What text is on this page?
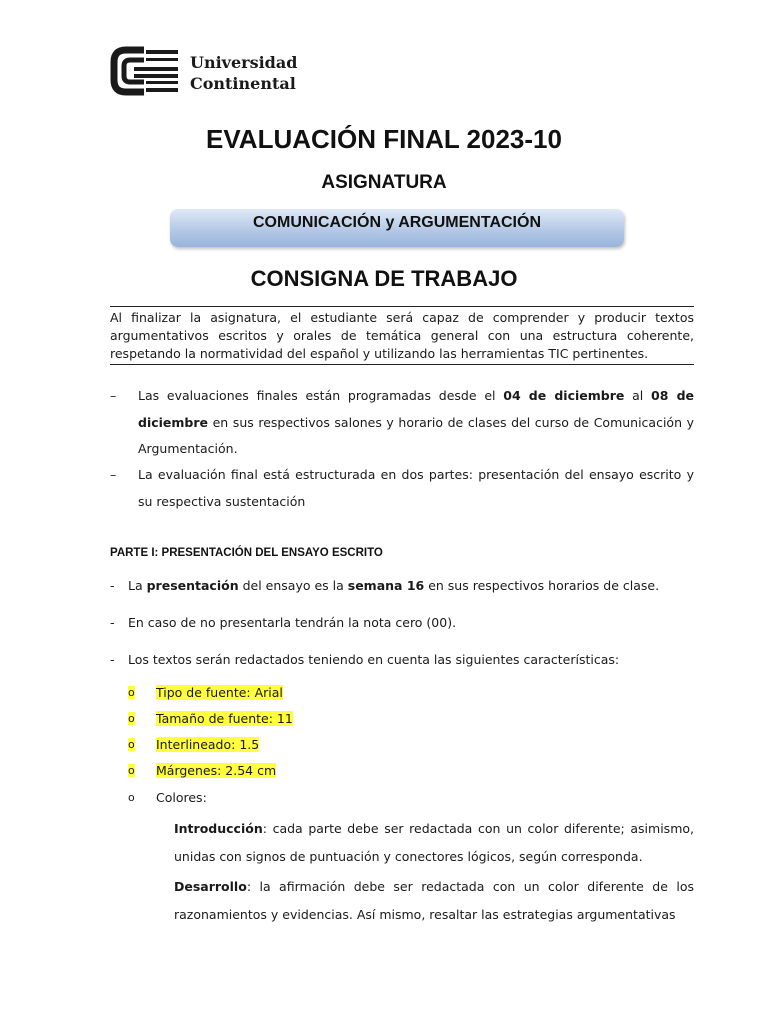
Universidad
Continental
EVALUACIÓN FINAL 2023-10
ASIGNATURA
COMUNICACIÓN y ARGUMENTACIÓN
CONSIGNA DE TRABAJO
Al finalizar la asignatura, el estudiante será capaz de comprender y producir textos argumentativos escritos y orales de temática general con una estructura coherente, respetando la normatividad del español y utilizando las herramientas TIC pertinentes.
– Las evaluaciones finales están programadas desde el 04 de diciembre al 08 de diciembre en sus respectivos salones y horario de clases del curso de Comunicación y Argumentación.
– La evaluación final está estructurada en dos partes: presentación del ensayo escrito y su respectiva sustentación
PARTE I: PRESENTACIÓN DEL ENSAYO ESCRITO
- La presentación del ensayo es la semana 16 en sus respectivos horarios de clase.
- En caso de no presentarla tendrán la nota cero (00).
- Los textos serán redactados teniendo en cuenta las siguientes características:
o Tipo de fuente: Arial
o Tamaño de fuente: 11
o Interlineado: 1.5
o Márgenes: 2.54 cm
o Colores:
Introducción: cada parte debe ser redactada con un color diferente; asimismo, unidas con signos de puntuación y conectores lógicos, según corresponda.
Desarrollo: la afirmación debe ser redactada con un color diferente de los razonamientos y evidencias. Así mismo, resaltar las estrategias argumentativas
